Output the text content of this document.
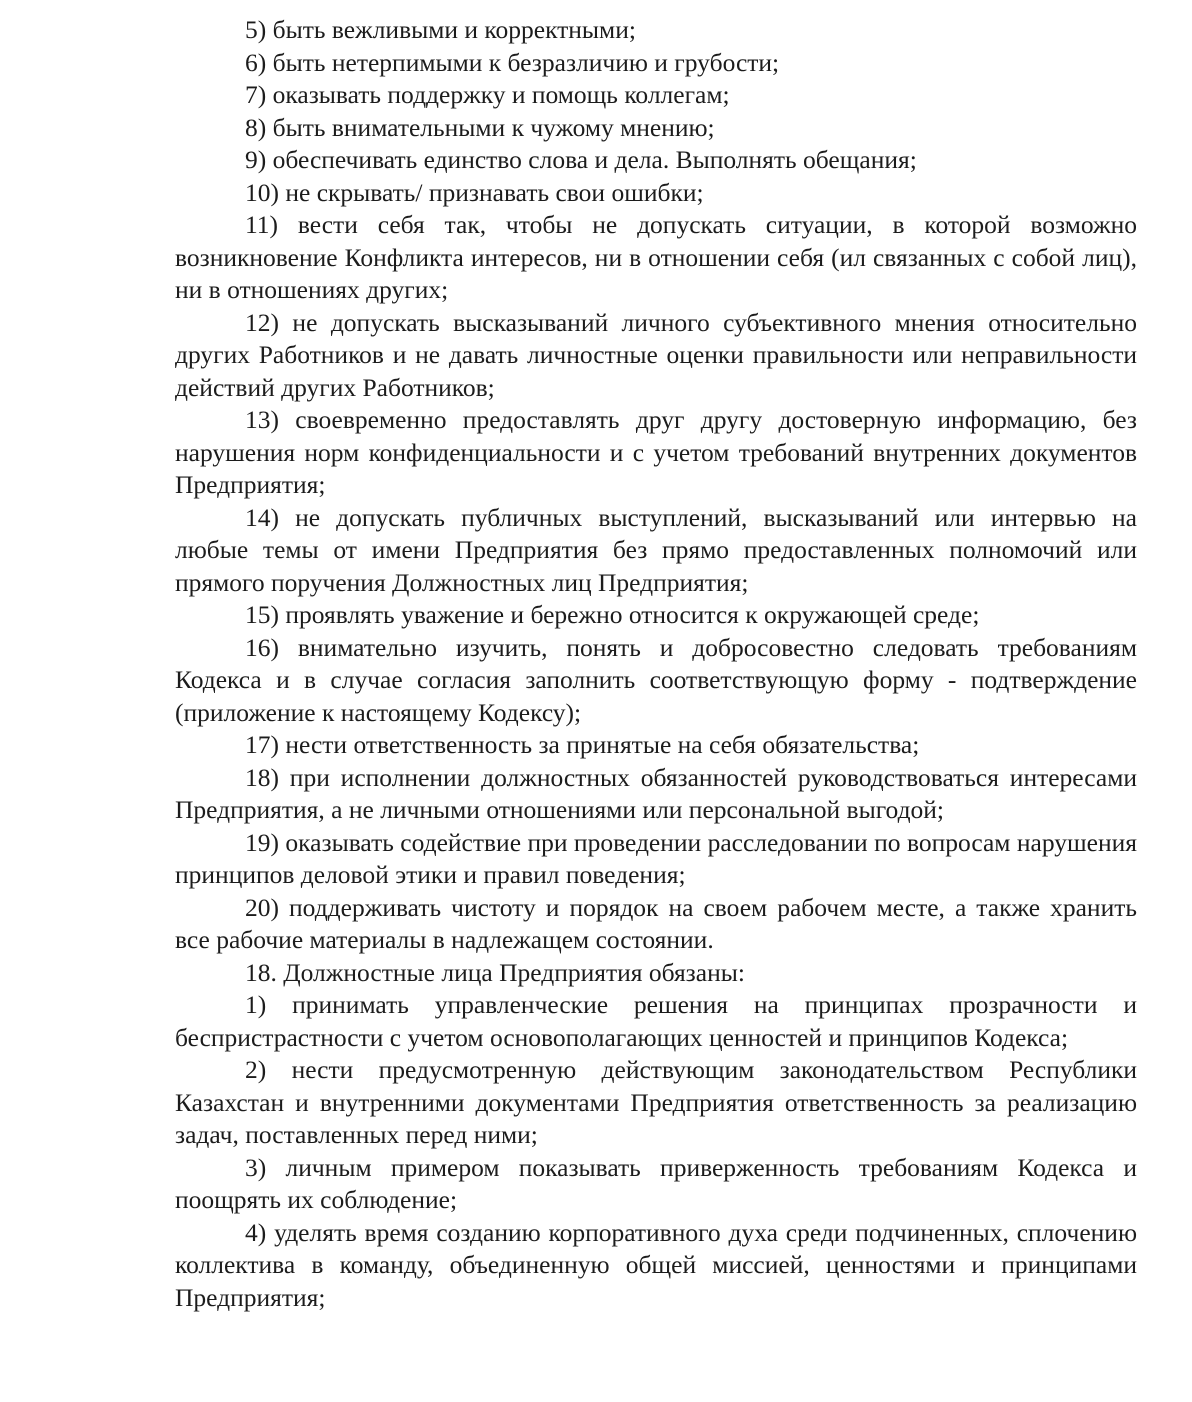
5) быть вежливыми и корректными;

6) быть нетерпимыми к безразличию и грубости;

7) оказывать поддержку и помощь коллегам;

8) быть внимательными к чужому мнению;

9) обеспечивать единство слова и дела. Выполнять обещания;

10) не скрывать/ признавать свои ошибки;

11) вести себя так, чтобы не допускать ситуации, в которой возможно возникновение Конфликта интересов, ни в отношении себя (ил связанных с собой лиц), ни в отношениях других;

12) не допускать высказываний личного субъективного мнения относительно других Работников и не давать личностные оценки правильности или неправильности действий других Работников;

13) своевременно предоставлять друг другу достоверную информацию, без нарушения норм конфиденциальности и с учетом требований внутренних документов Предприятия;

14) не допускать публичных выступлений, высказываний или интервью на любые темы от имени Предприятия без прямо предоставленных полномочий или прямого поручения Должностных лиц Предприятия;

15) проявлять уважение и бережно относится к окружающей среде;

16) внимательно изучить, понять и добросовестно следовать требованиям Кодекса и в случае согласия заполнить соответствующую форму - подтверждение (приложение к настоящему Кодексу);

17) нести ответственность за принятые на себя обязательства;

18) при исполнении должностных обязанностей руководствоваться интересами Предприятия, а не личными отношениями или персональной выгодой;

19) оказывать содействие при проведении расследовании по вопросам нарушения принципов деловой этики и правил поведения;

20) поддерживать чистоту и порядок на своем рабочем месте, а также хранить все рабочие материалы в надлежащем состоянии.

18. Должностные лица Предприятия обязаны:

1) принимать управленческие решения на принципах прозрачности и беспристрастности с учетом основополагающих ценностей и принципов Кодекса;

2) нести предусмотренную действующим законодательством Республики Казахстан и внутренними документами Предприятия ответственность за реализацию задач, поставленных перед ними;

3) личным примером показывать приверженность требованиям Кодекса и поощрять их соблюдение;

4) уделять время созданию корпоративного духа среди подчиненных, сплочению коллектива в команду, объединенную общей миссией, ценностями и принципами Предприятия;
